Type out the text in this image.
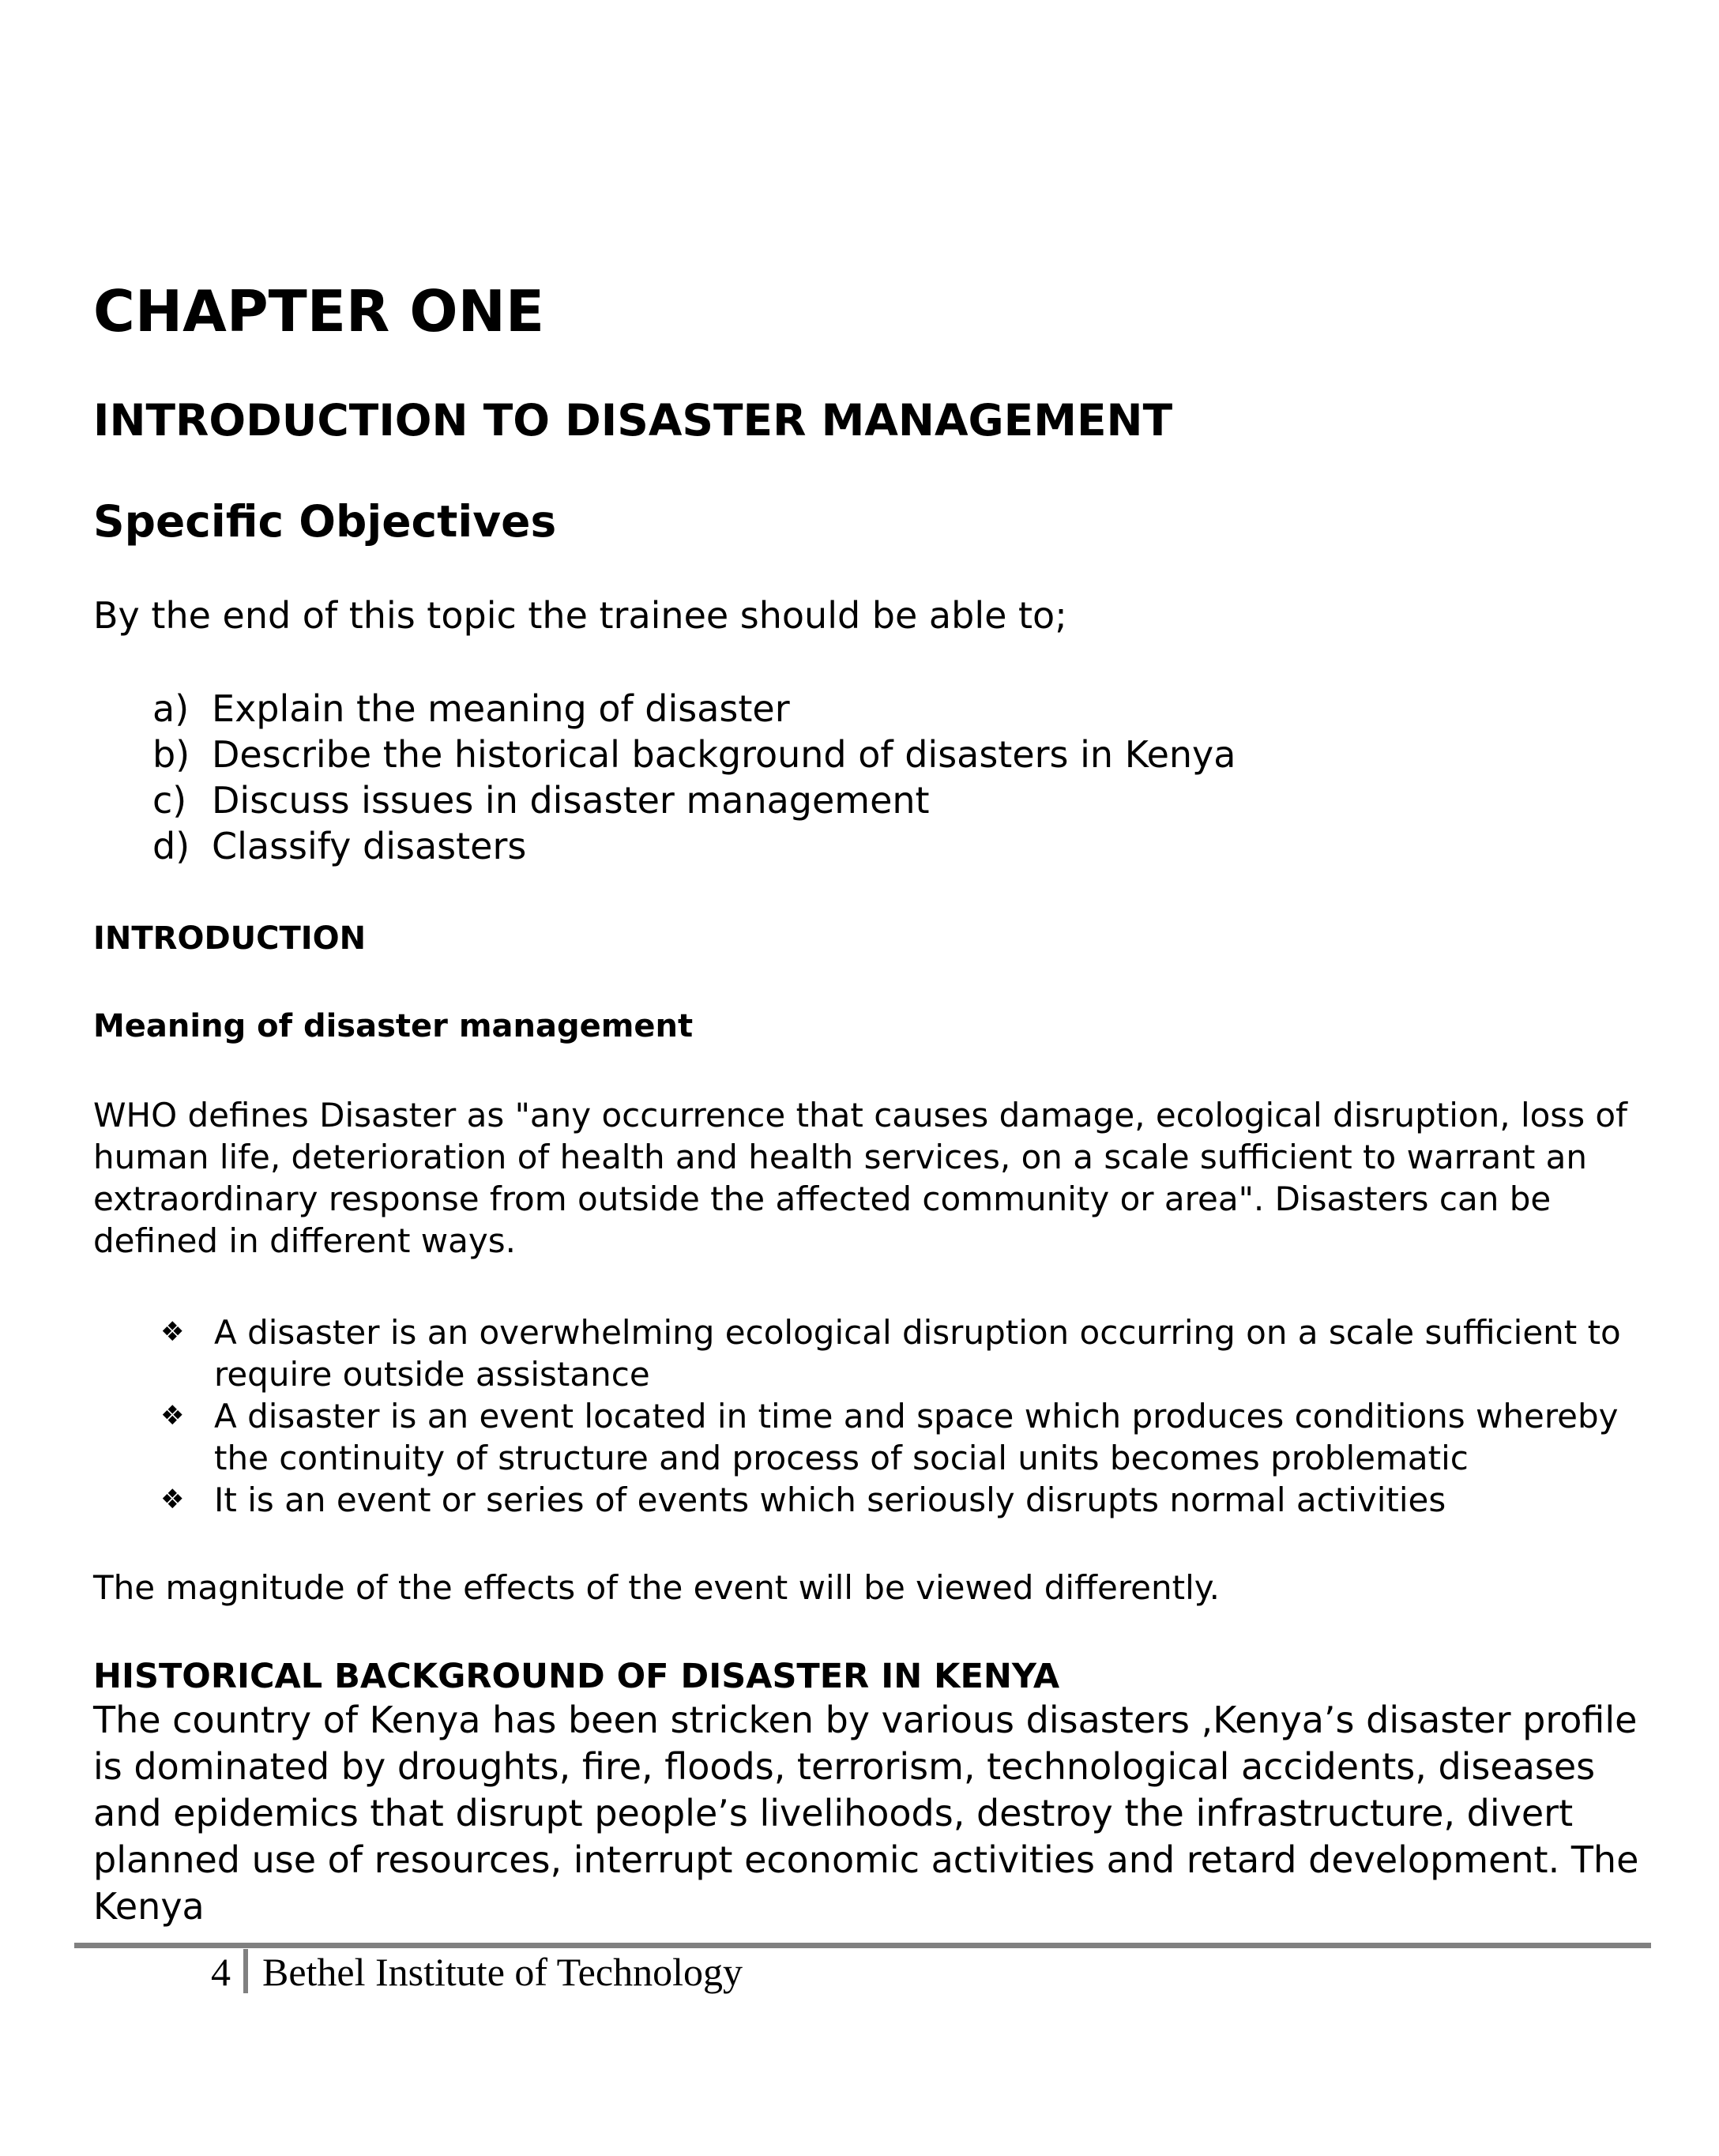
CHAPTER ONE
INTRODUCTION TO DISASTER MANAGEMENT
Specific Objectives
By the end of this topic the trainee should be able to;
a) Explain the meaning of disaster
b) Describe the historical background of disasters in Kenya
c) Discuss issues in disaster management
d) Classify disasters
INTRODUCTION
Meaning of disaster management

WHO defines Disaster as "any occurrence that causes damage, ecological disruption, loss of human life, deterioration of health and health services, on a scale sufficient to warrant an extraordinary response from outside the affected community or area". Disasters can be defined in different ways.

❖ A disaster is an overwhelming ecological disruption occurring on a scale sufficient to require outside assistance
❖ A disaster is an event located in time and space which produces conditions whereby the continuity of structure and process of social units becomes problematic
❖ It is an event or series of events which seriously disrupts normal activities
The magnitude of the effects of the event will be viewed differently.
HISTORICAL BACKGROUND OF DISASTER IN KENYA

The country of Kenya has been stricken by various disasters ,Kenya’s disaster profile is dominated by droughts, fire, floods, terrorism, technological accidents, diseases and epidemics that disrupt people’s livelihoods, destroy the infrastructure, divert planned use of resources, interrupt economic activities and retard development. The Kenya

4 Bethel Institute of Technology
